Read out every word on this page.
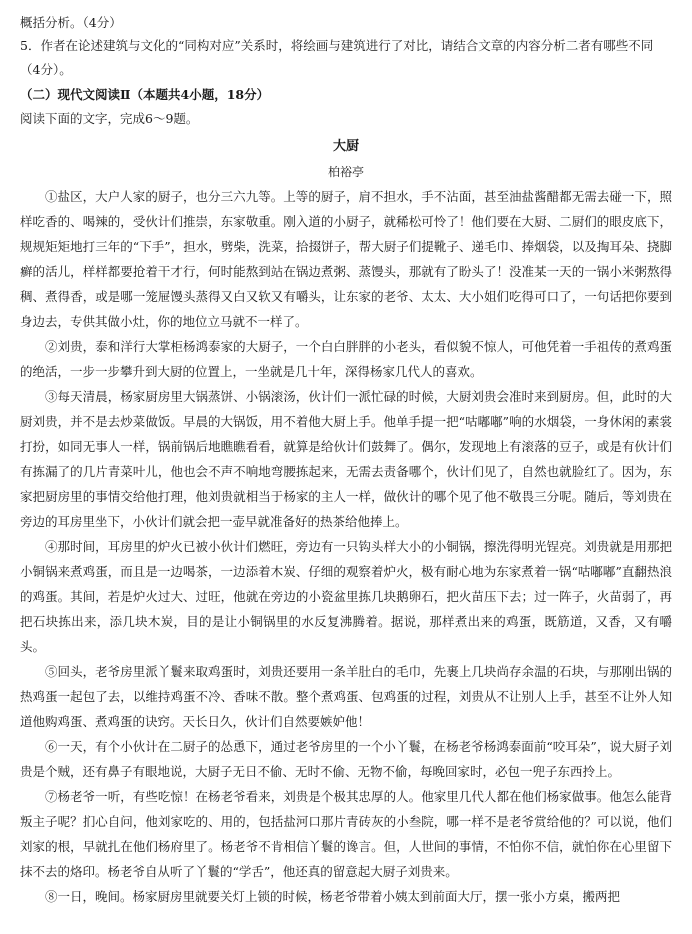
概括分析。（4分）

5．作者在论述建筑与文化的“同构对应”关系时，将绘画与建筑进行了对比，请结合文章的内容分析二者有哪些不同（4分）。

（二）现代文阅读Ⅱ（本题共4小题，18分）
阅读下面的文字，完成6～9题。
大厨
柏裕亭

①盐区，大户人家的厨子，也分三六九等。上等的厨子，肩不担水，手不沾面，甚至油盐酱醋都无需去碰一下，照样吃香的、喝辣的，受伙计们推崇，东家敬重。刚入道的小厨子，就稀松可怜了！他们要在大厨、二厨们的眼皮底下，规规矩矩地打三年的“下手”，担水，劈柴，洗菜，拾掇饼子，帮大厨子们提靴子、递毛巾、捧烟袋，以及掏耳朵、挠脚癣的活儿，样样都要抢着干才行，何时能熬到站在锅边煮粥、蒸馒头，那就有了盼头了！没准某一天的一锅小米粥熬得稠、煮得香，或是哪一笼屉馒头蒸得又白又软又有嚼头，让东家的老爷、太太、大小姐们吃得可口了，一句话把你要到身边去，专供其做小灶，你的地位立马就不一样了。

②刘贵，泰和洋行大掌柜杨鸿泰家的大厨子，一个白白胖胖的小老头，看似貌不惊人，可他凭着一手祖传的煮鸡蛋的绝活，一步一步攀升到大厨的位置上，一坐就是几十年，深得杨家几代人的喜欢。

③每天清晨，杨家厨房里大锅蒸饼、小锅滚汤，伙计们一派忙碌的时候，大厨刘贵会准时来到厨房。但，此时的大厨刘贵，并不是去炒菜做饭。早晨的大锅饭，用不着他大厨上手。他单手提一把“咕嘟嘟”响的水烟袋，一身休闲的素裳打扮，如同无事人一样，锅前锅后地瞧瞧看看，就算是给伙计们鼓舞了。偶尔，发现地上有滚落的豆子，或是有伙计们有拣漏了的几片青菜叶儿，他也会不声不响地弯腰拣起来，无需去责备哪个，伙计们见了，自然也就脸红了。因为，东家把厨房里的事情交给他打理，他刘贵就相当于杨家的主人一样，做伙计的哪个见了他不敬畏三分呢。随后，等刘贵在旁边的耳房里坐下，小伙计们就会把一壶早就准备好的热茶给他捧上。

④那时间，耳房里的炉火已被小伙计们燃旺，旁边有一只钩头样大小的小铜锅，擦洗得明光锃亮。刘贵就是用那把小铜锅来煮鸡蛋，而且是一边喝茶，一边添着木炭、仔细的观察着炉火，极有耐心地为东家煮着一锅“咕嘟嘟”直翻热浪的鸡蛋。其间，若是炉火过大、过旺，他就在旁边的小瓷盆里拣几块鹅卵石，把火苗压下去；过一阵子，火苗弱了，再把石块拣出来，添几块木炭，目的是让小铜锅里的水反复沸腾着。据说，那样煮出来的鸡蛋，既筋道，又香，又有嚼头。

⑤回头，老爷房里派丫鬟来取鸡蛋时，刘贵还要用一条羊肚白的毛巾，先裹上几块尚存余温的石块，与那刚出锅的热鸡蛋一起包了去，以维持鸡蛋不冷、香味不散。整个煮鸡蛋、包鸡蛋的过程，刘贵从不让别人上手，甚至不让外人知道他购鸡蛋、煮鸡蛋的诀窍。天长日久，伙计们自然要嫉妒他！

⑥一天，有个小伙计在二厨子的怂恿下，通过老爷房里的一个小丫鬟，在杨老爷杨鸿泰面前“咬耳朵”，说大厨子刘贵是个贼，还有鼻子有眼地说，大厨子无日不偷、无时不偷、无物不偷，每晚回家时，必包一兜子东西拎上。

⑦杨老爷一听，有些吃惊！在杨老爷看来，刘贵是个极其忠厚的人。他家里几代人都在他们杨家做事。他怎么能背叛主子呢？扪心自问，他刘家吃的、用的，包括盐河口那片青砖灰的小叁院，哪一样不是老爷赏给他的？可以说，他们刘家的根，早就扎在他们杨府里了。杨老爷不肯相信丫鬟的谗言。但，人世间的事情，不怕你不信，就怕你在心里留下抹不去的烙印。杨老爷自从听了丫鬟的“学舌”，他还真的留意起大厨子刘贵来。

⑧一日，晚间。杨家厨房里就要关灯上锁的时候，杨老爷带着小姨太到前面大厅，摆一张小方桌，搬两把
